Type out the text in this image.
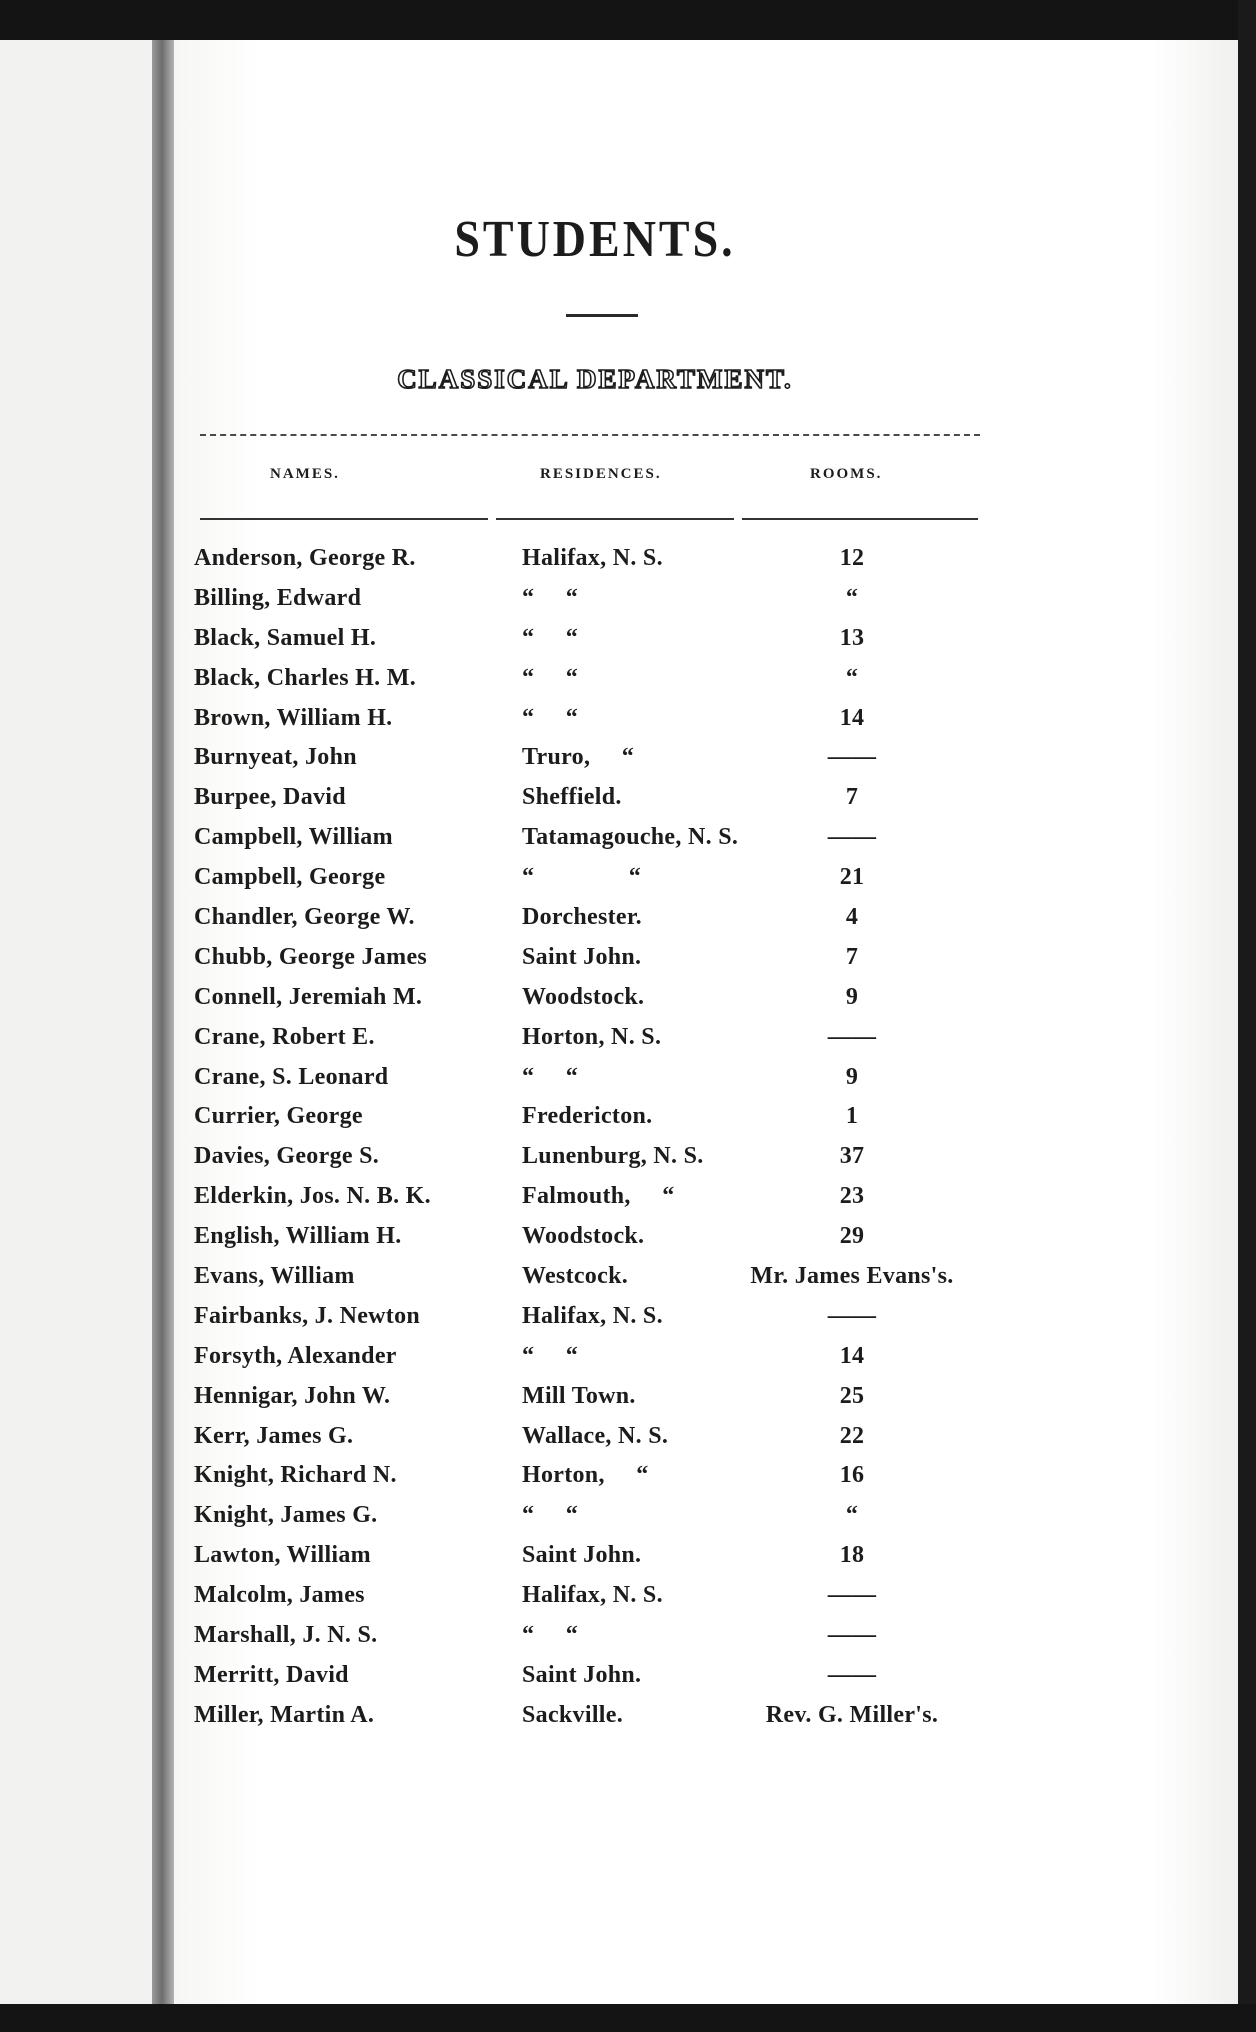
STUDENTS.
CLASSICAL DEPARTMENT.
NAMES.	RESIDENCES.	ROOMS.
Anderson, George R.	Halifax, N. S.	12
Billing, Edward	“     “	“
Black, Samuel H.	“     “	13
Black, Charles H. M.	“     “	“
Brown, William H.	“     “	14
Burnyeat, John	Truro,     “	——
Burpee, David	Sheffield.	7
Campbell, William	Tatamagouche, N. S.	——
Campbell, George	“               “	21
Chandler, George W.	Dorchester.	4
Chubb, George James	Saint John.	7
Connell, Jeremiah M.	Woodstock.	9
Crane, Robert E.	Horton, N. S.	——
Crane, S. Leonard	“     “	9
Currier, George	Fredericton.	1
Davies, George S.	Lunenburg, N. S.	37
Elderkin, Jos. N. B. K.	Falmouth,     “	23
English, William H.	Woodstock.	29
Evans, William	Westcock.	Mr. James Evans's.
Fairbanks, J. Newton	Halifax, N. S.	——
Forsyth, Alexander	“     “	14
Hennigar, John W.	Mill Town.	25
Kerr, James G.	Wallace, N. S.	22
Knight, Richard N.	Horton,     “	16
Knight, James G.	“     “	“
Lawton, William	Saint John.	18
Malcolm, James	Halifax, N. S.	——
Marshall, J. N. S.	“     “	——
Merritt, David	Saint John.	——
Miller, Martin A.	Sackville.	Rev. G. Miller's.
